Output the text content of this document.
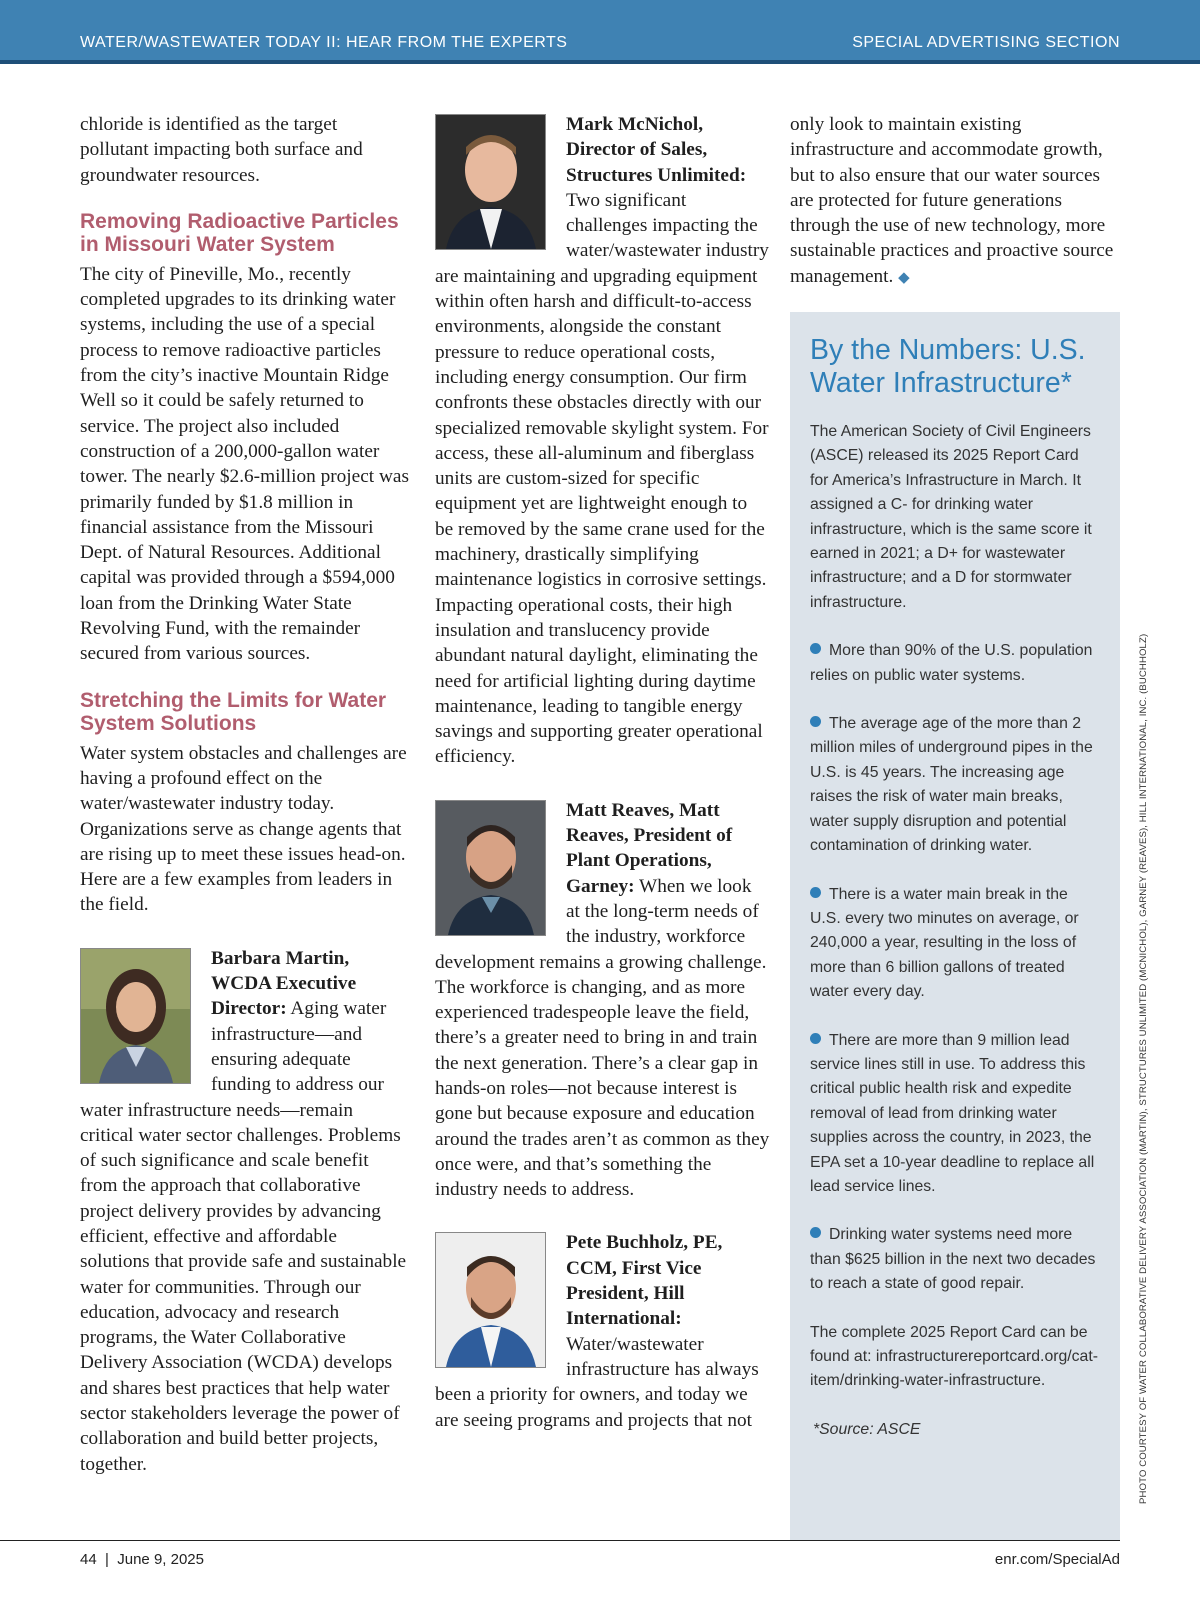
WATER/WASTEWATER TODAY II: HEAR FROM THE EXPERTS	SPECIAL ADVERTISING SECTION

chloride is identified as the target pollutant impacting both surface and groundwater resources.

Removing Radioactive Particles in Missouri Water System

The city of Pineville, Mo., recently completed upgrades to its drinking water systems, including the use of a special process to remove radioactive particles from the city’s inactive Mountain Ridge Well so it could be safely returned to service. The project also included construction of a 200,000-gallon water tower. The nearly $2.6-million project was primarily funded by $1.8 million in financial assistance from the Missouri Dept. of Natural Resources. Additional capital was provided through a $594,000 loan from the Drinking Water State Revolving Fund, with the remainder secured from various sources.

Stretching the Limits for Water System Solutions

Water system obstacles and challenges are having a profound effect on the water/wastewater industry today. Organizations serve as change agents that are rising up to meet these issues head-on. Here are a few examples from leaders in the field.

Barbara Martin, WCDA Executive Director: Aging water infrastructure—and ensuring adequate funding to address our water infrastructure needs—remain critical water sector challenges. Problems of such significance and scale benefit from the approach that collaborative project delivery provides by advancing efficient, effective and affordable solutions that provide safe and sustainable water for communities. Through our education, advocacy and research programs, the Water Collaborative Delivery Association (WCDA) develops and shares best practices that help water sector stakeholders leverage the power of collaboration and build better projects, together.

Mark McNichol, Director of Sales, Structures Unlimited: Two significant challenges impacting the water/wastewater industry are maintaining and upgrading equipment within often harsh and difficult-to-access environments, alongside the constant pressure to reduce operational costs, including energy consumption. Our firm confronts these obstacles directly with our specialized removable skylight system. For access, these all-aluminum and fiberglass units are custom-sized for specific equipment yet are lightweight enough to be removed by the same crane used for the machinery, drastically simplifying maintenance logistics in corrosive settings. Impacting operational costs, their high insulation and translucency provide abundant natural daylight, eliminating the need for artificial lighting during daytime maintenance, leading to tangible energy savings and supporting greater operational efficiency.

Matt Reaves, Matt Reaves, President of Plant Operations, Garney: When we look at the long-term needs of the industry, workforce development remains a growing challenge. The workforce is changing, and as more experienced tradespeople leave the field, there’s a greater need to bring in and train the next generation. There’s a clear gap in hands-on roles—not because interest is gone but because exposure and education around the trades aren’t as common as they once were, and that’s something the industry needs to address.

Pete Buchholz, PE, CCM, First Vice President, Hill International: Water/wastewater infrastructure has always been a priority for owners, and today we are seeing programs and projects that not

only look to maintain existing infrastructure and accommodate growth, but to also ensure that our water sources are protected for future generations through the use of new technology, more sustainable practices and proactive source management. ◆

By the Numbers: U.S. Water Infrastructure*

The American Society of Civil Engineers (ASCE) released its 2025 Report Card for America’s Infrastructure in March. It assigned a C- for drinking water infrastructure, which is the same score it earned in 2021; a D+ for wastewater infrastructure; and a D for stormwater infrastructure.

More than 90% of the U.S. population relies on public water systems.

The average age of the more than 2 million miles of underground pipes in the U.S. is 45 years. The increasing age raises the risk of water main breaks, water supply disruption and potential contamination of drinking water.

There is a water main break in the U.S. every two minutes on average, or 240,000 a year, resulting in the loss of more than 6 billion gallons of treated water every day.

There are more than 9 million lead service lines still in use. To address this critical public health risk and expedite removal of lead from drinking water supplies across the country, in 2023, the EPA set a 10-year deadline to replace all lead service lines.

Drinking water systems need more than $625 billion in the next two decades to reach a state of good repair.

The complete 2025 Report Card can be found at: infrastructurereportcard.org/cat-item/drinking-water-infrastructure.

*Source: ASCE	PHOTO COURTESY OF WATER COLLABORATIVE DELIVERY ASSOCIATION (MARTIN), STRUCTURES UNLIMITED (MCNICHOL), GARNEY (REAVES), HILL INTERNATIONAL, INC. (BUCHHOLZ)
44  |  June 9, 2025	enr.com/SpecialAd
